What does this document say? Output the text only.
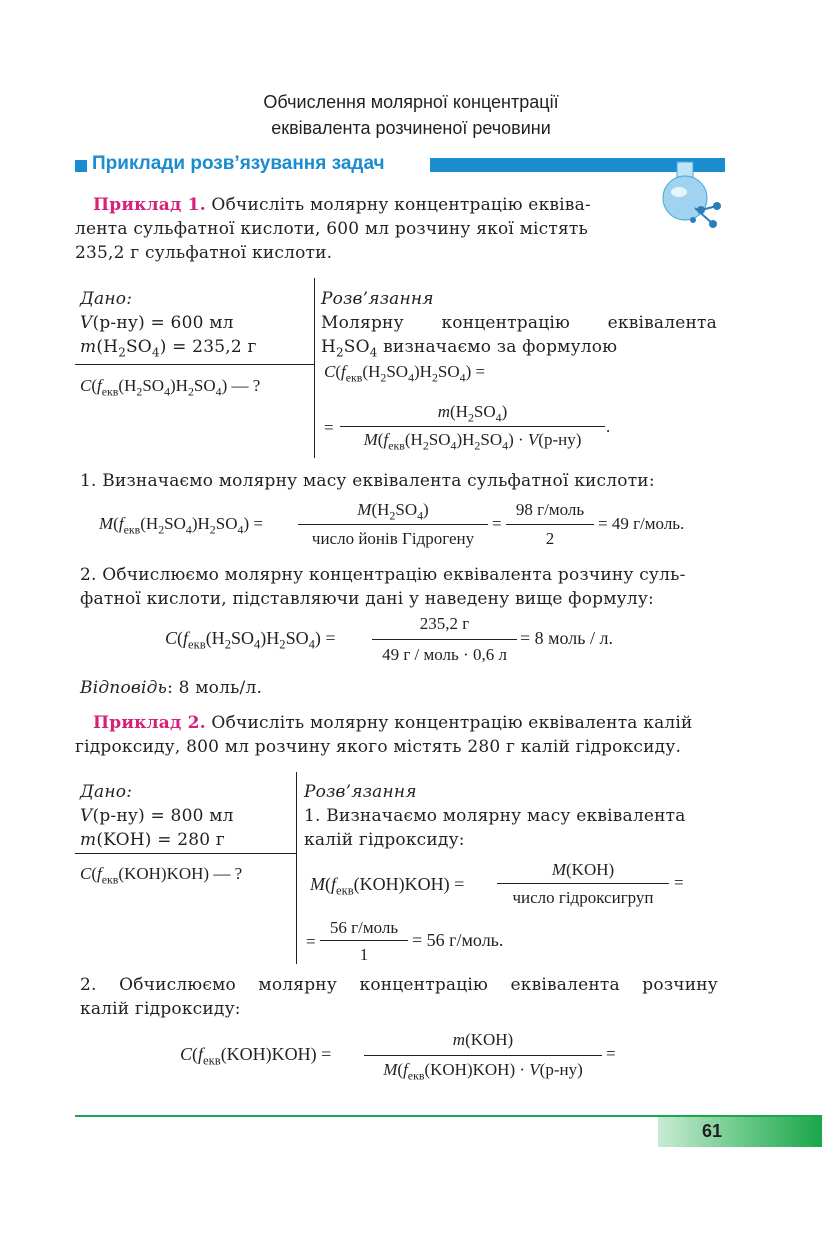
Обчислення молярної концентрації
еквівалента розчиненої речовини
Приклади розв’язування задач
Приклад 1. Обчисліть молярну концентрацію еквіва-
лента сульфатної кислоти, 600 мл розчину якої містять
235,2 г сульфатної кислоти.
Дано:
V(р-ну) = 600 мл
$m(H_2SO_4) = 235,2$ г
$C(f_{екв}(H_2SO_4)H_2SO_4)$ — ?
Розв’язання
Молярну концентрацію еквівалента
$H_2SO_4$ визначаємо за формулою
$C(f_{екв}(H_2SO_4)H_2SO_4)$ =
=
$m(H_2SO_4)$
$M(f_{екв}(H_2SO_4)H_2SO_4) \cdot V(р-ну)$
.
1. Визначаємо молярну масу еквівалента сульфатної кислоти:
$M(f_{екв}(H_2SO_4)H_2SO_4)$ =
$M(H_2SO_4)$
число йонів Гідрогену
=
98 г/моль
2
= 49 г/моль.
2. Обчислюємо молярну концентрацію еквівалента розчину суль-
фатної кислоти, підставляючи дані у наведену вище формулу:
$C(f_{екв}(H_2SO_4)H_2SO_4)$ =
235,2 г
49 г / моль · 0,6 л
= 8 моль / л.
Відповідь: 8 моль/л.
Приклад 2. Обчисліть молярну концентрацію еквівалента калій
гідроксиду, 800 мл розчину якого містять 280 г калій гідроксиду.
Дано:
V(р-ну) = 800 мл
m(KOH) = 280 г
$C(f_{екв}(KOH)KOH)$ — ?
Розв’язання
1. Визначаємо молярну масу еквівалента
калій гідроксиду:
$M(f_{екв}(KOH)KOH)$ =
M(KOH)
число гідроксигруп
=
=
56 г/моль
1
= 56 г/моль.
2. Обчислюємо молярну концентрацію еквівалента розчину
калій гідроксиду:
$C(f_{екв}(KOH)KOH)$ =
m(KOH)
$M(f_{екв}(KOH)KOH) \cdot V(р-ну)$
=
61
